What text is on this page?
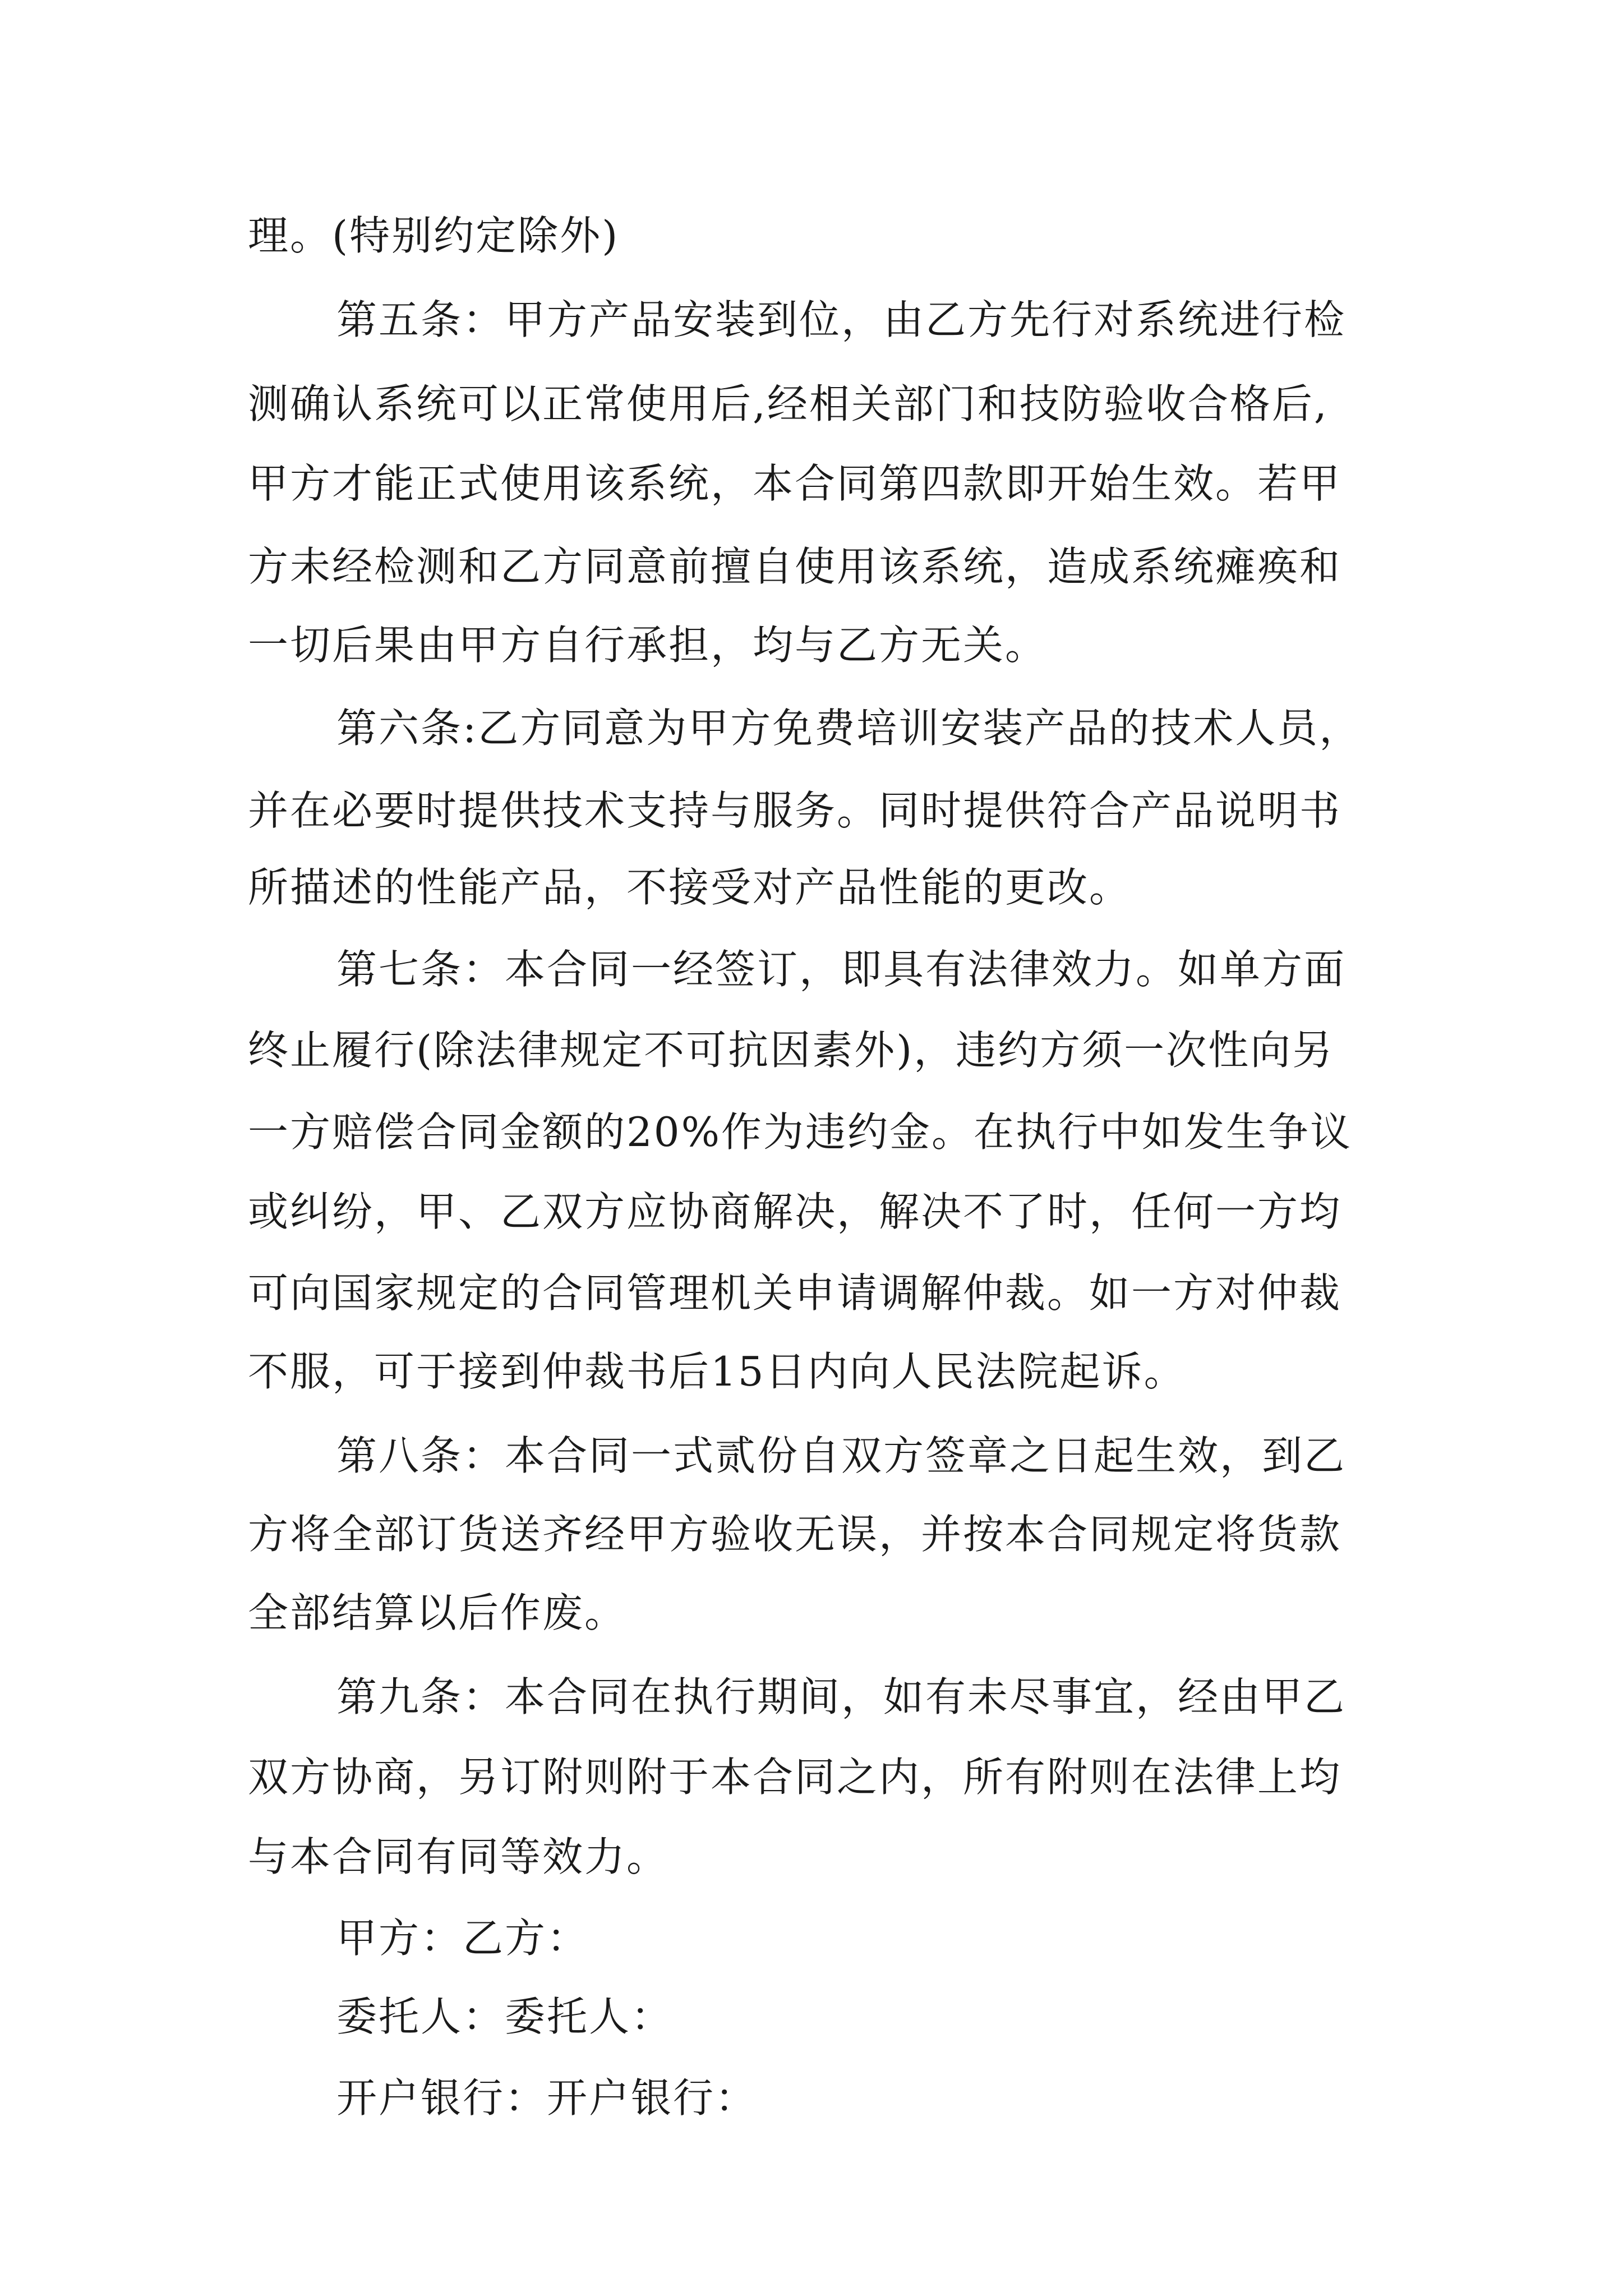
理。(特别约定除外)
第五条：甲方产品安装到位，由乙方先行对系统进行检
测确认系统可以正常使用后,经相关部门和技防验收合格后,
甲方才能正式使用该系统，本合同第四款即开始生效。若甲
方未经检测和乙方同意前擅自使用该系统，造成系统瘫痪和
一切后果由甲方自行承担，均与乙方无关。
第六条:乙方同意为甲方免费培训安装产品的技术人员，
并在必要时提供技术支持与服务。同时提供符合产品说明书
所描述的性能产品，不接受对产品性能的更改。
第七条：本合同一经签订，即具有法律效力。如单方面
终止履行(除法律规定不可抗因素外)，违约方须一次性向另
一方赔偿合同金额的20%作为违约金。在执行中如发生争议
或纠纷，甲、乙双方应协商解决，解决不了时，任何一方均
可向国家规定的合同管理机关申请调解仲裁。如一方对仲裁
不服，可于接到仲裁书后15日内向人民法院起诉。
第八条：本合同一式贰份自双方签章之日起生效，到乙
方将全部订货送齐经甲方验收无误，并按本合同规定将货款
全部结算以后作废。
第九条：本合同在执行期间，如有未尽事宜，经由甲乙
双方协商，另订附则附于本合同之内，所有附则在法律上均
与本合同有同等效力。
甲方：乙方：
委托人：委托人：
开户银行：开户银行：
